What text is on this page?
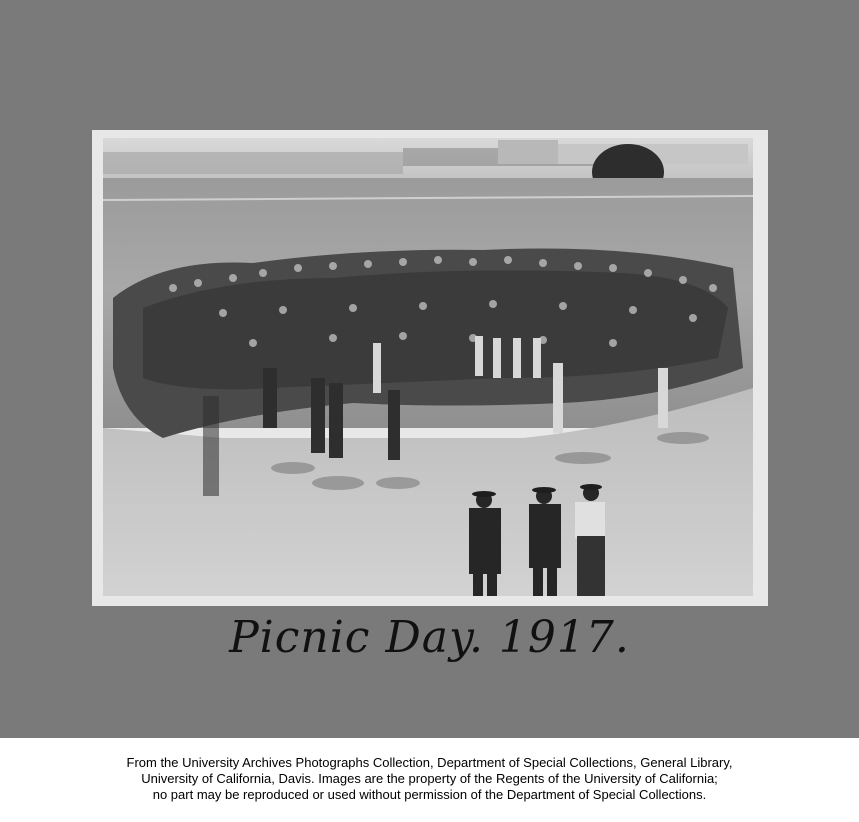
Picnic Day. 1917.
From the University Archives Photographs Collection, Department of Special Collections, General Library,
University of California, Davis. Images are the property of the Regents of the University of California;
no part may be reproduced or used without permission of the Department of Special Collections.
